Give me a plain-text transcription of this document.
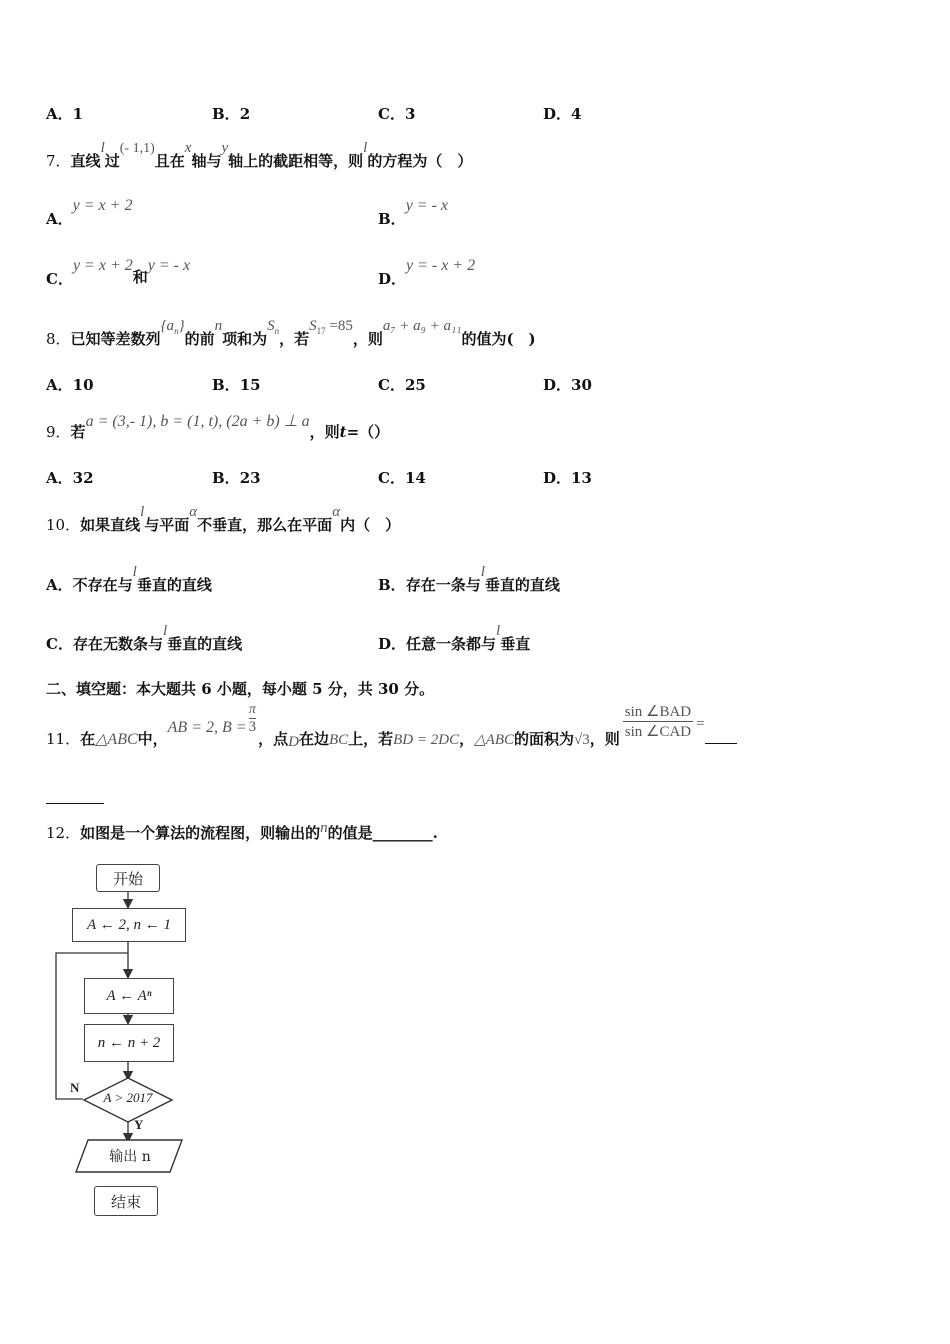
A．1	B．2	C．3	D．4
7．直线l过(- 1,1)且在x轴与y轴上的截距相等，则l的方程为（　）
A．y = x + 2
B．y = - x
C．y = x + 2和y = - x
D．y = - x + 2
8．已知等差数列$\{a_n\}$的前n项和为$S_n$，若$S_{17} =85$，则a₇ + a₉ + a₁₁的值为(　)
A．10	B．15	C．25	D．30
9．若a = (3,- 1), b = (1, t), (2a + b) ⊥ a，则t=（）
A．32	B．23	C．14	D．13
10．如果直线l与平面α不垂直，那么在平面α内（　）
A．不存在与l垂直的直线	B．存在一条与l垂直的直线
C．存在无数条与l垂直的直线	D．任意一条都与l垂直
二、填空题：本大题共 6 小题，每小题 5 分，共 30 分。
11．在△ABC中，AB = 2, $B = \frac{\pi}{3}$
，点D在边BC上，若BD = 2DC，△ABC的面积为√3，则
sin ∠BAD
sin ∠CAD =
12．如图是一个算法的流程图，则输出的n的值是________.
开始
A ← 2, n ← 1
A ← Aⁿ
n ← n + 2
A > 2017
N
Y
输出 n
结束
